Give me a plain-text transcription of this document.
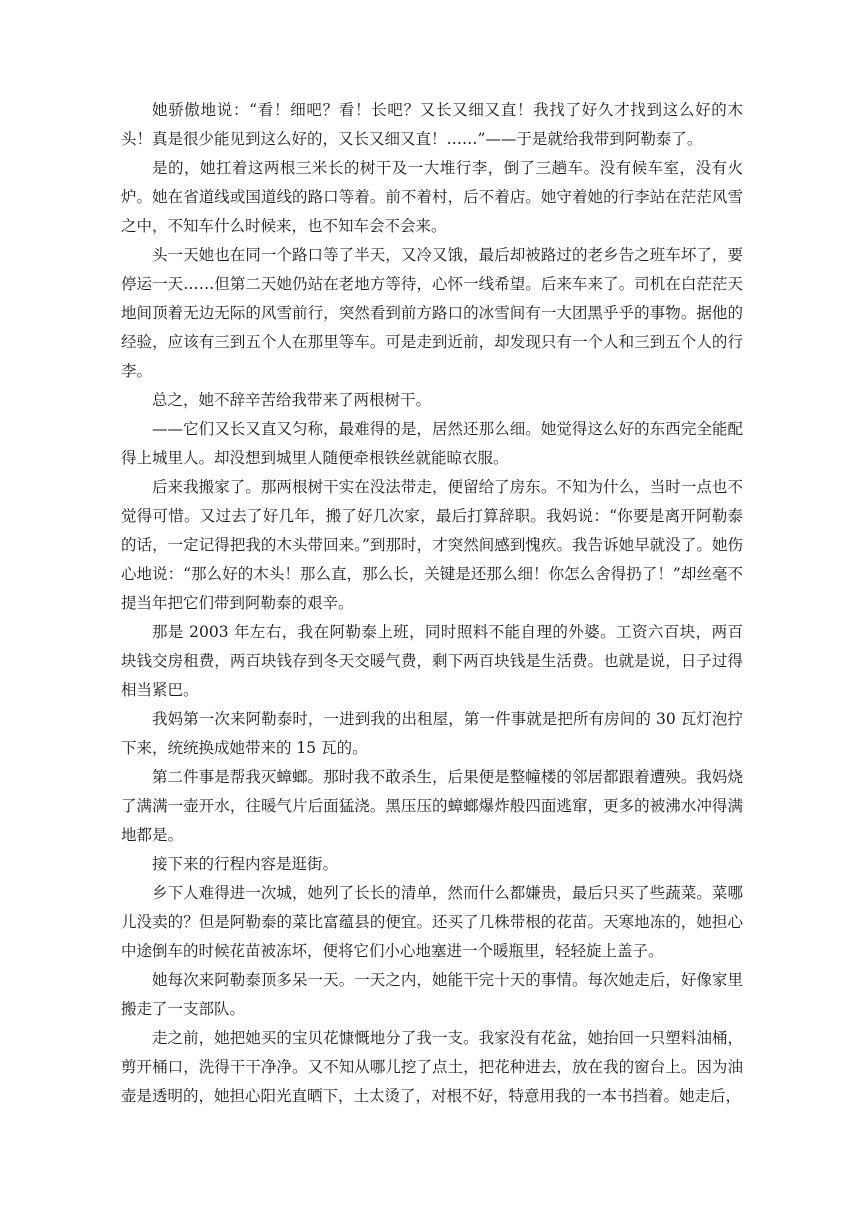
她骄傲地说：“看！细吧？看！长吧？又长又细又直！我找了好久才找到这么好的木头！真是很少能见到这么好的，又长又细又直！……”——于是就给我带到阿勒泰了。

是的，她扛着这两根三米长的树干及一大堆行李，倒了三趟车。没有候车室，没有火炉。她在省道线或国道线的路口等着。前不着村，后不着店。她守着她的行李站在茫茫风雪之中，不知车什么时候来，也不知车会不会来。

头一天她也在同一个路口等了半天，又冷又饿，最后却被路过的老乡告之班车坏了，要停运一天……但第二天她仍站在老地方等待，心怀一线希望。后来车来了。司机在白茫茫天地间顶着无边无际的风雪前行，突然看到前方路口的冰雪间有一大团黑乎乎的事物。据他的经验，应该有三到五个人在那里等车。可是走到近前，却发现只有一个人和三到五个人的行李。

总之，她不辞辛苦给我带来了两根树干。

——它们又长又直又匀称，最难得的是，居然还那么细。她觉得这么好的东西完全能配得上城里人。却没想到城里人随便牵根铁丝就能晾衣服。

后来我搬家了。那两根树干实在没法带走，便留给了房东。不知为什么，当时一点也不觉得可惜。又过去了好几年，搬了好几次家，最后打算辞职。我妈说：“你要是离开阿勒泰的话，一定记得把我的木头带回来。”到那时，才突然间感到愧疚。我告诉她早就没了。她伤心地说：“那么好的木头！那么直，那么长，关键是还那么细！你怎么舍得扔了！”却丝毫不提当年把它们带到阿勒泰的艰辛。

那是 2003 年左右，我在阿勒泰上班，同时照料不能自理的外婆。工资六百块，两百块钱交房租费，两百块钱存到冬天交暖气费，剩下两百块钱是生活费。也就是说，日子过得相当紧巴。

我妈第一次来阿勒泰时，一进到我的出租屋，第一件事就是把所有房间的 30 瓦灯泡拧下来，统统换成她带来的 15 瓦的。

第二件事是帮我灭蟑螂。那时我不敢杀生，后果便是整幢楼的邻居都跟着遭殃。我妈烧了满满一壶开水，往暖气片后面猛浇。黑压压的蟑螂爆炸般四面逃窜，更多的被沸水冲得满地都是。

接下来的行程内容是逛街。

乡下人难得进一次城，她列了长长的清单，然而什么都嫌贵，最后只买了些蔬菜。菜哪儿没卖的？但是阿勒泰的菜比富蕴县的便宜。还买了几株带根的花苗。天寒地冻的，她担心中途倒车的时候花苗被冻坏，便将它们小心地塞进一个暖瓶里，轻轻旋上盖子。

她每次来阿勒泰顶多呆一天。一天之内，她能干完十天的事情。每次她走后，好像家里搬走了一支部队。

走之前，她把她买的宝贝花慷慨地分了我一支。我家没有花盆，她抬回一只塑料油桶，剪开桶口，洗得干干净净。又不知从哪儿挖了点土，把花种进去，放在我的窗台上。因为油壶是透明的，她担心阳光直晒下，土太烫了，对根不好，特意用我的一本书挡着。她走后，
